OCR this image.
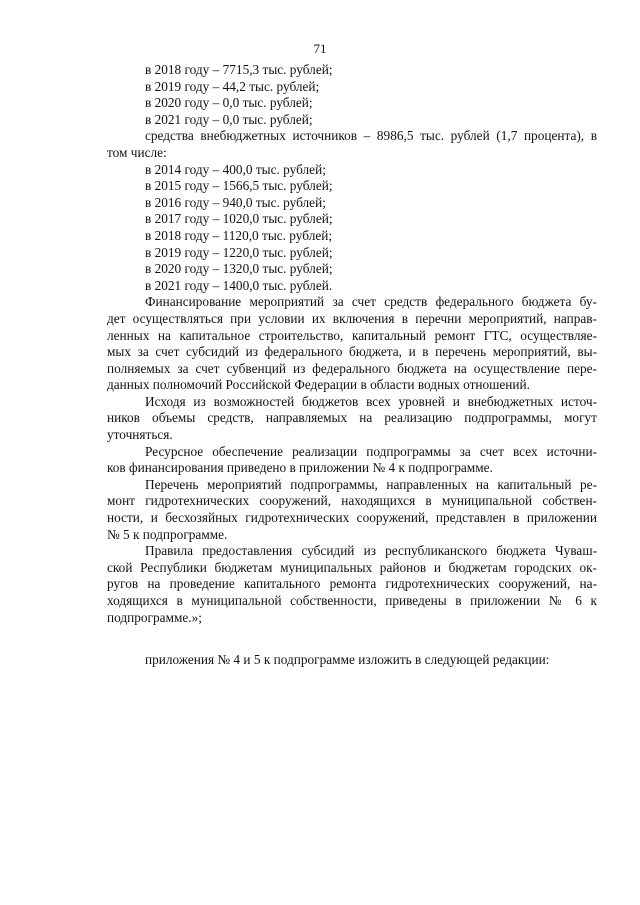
71
в 2018 году – 7715,3 тыс. рублей;
в 2019 году – 44,2 тыс. рублей;
в 2020 году – 0,0 тыс. рублей;
в 2021 году – 0,0 тыс. рублей;
средства внебюджетных источников – 8986,5 тыс. рублей (1,7 процента), в
том числе:
в 2014 году – 400,0 тыс. рублей;
в 2015 году – 1566,5 тыс. рублей;
в 2016 году – 940,0 тыс. рублей;
в 2017 году – 1020,0 тыс. рублей;
в 2018 году – 1120,0 тыс. рублей;
в 2019 году – 1220,0 тыс. рублей;
в 2020 году – 1320,0 тыс. рублей;
в 2021 году – 1400,0 тыс. рублей.
Финансирование мероприятий за счет средств федерального бюджета бу-
дет осуществляться при условии их включения в перечни мероприятий, направ-
ленных на капитальное строительство, капитальный ремонт ГТС, осуществляе-
мых за счет субсидий из федерального бюджета, и в перечень мероприятий, вы-
полняемых за счет субвенций из федерального бюджета на осуществление пере-
данных полномочий Российской Федерации в области водных отношений.
Исходя из возможностей бюджетов всех уровней и внебюджетных источ-
ников объемы средств, направляемых на реализацию подпрограммы, могут
уточняться.
Ресурсное обеспечение реализации подпрограммы за счет всех источни-
ков финансирования приведено в приложении № 4 к подпрограмме.
Перечень мероприятий подпрограммы, направленных на капитальный ре-
монт гидротехнических сооружений, находящихся в муниципальной собствен-
ности, и бесхозяйных гидротехнических сооружений, представлен в приложении
№ 5 к подпрограмме.
Правила предоставления субсидий из республиканского бюджета Чуваш-
ской Республики бюджетам муниципальных районов и бюджетам городских ок-
ругов на проведение капитального ремонта гидротехнических сооружений, на-
ходящихся в муниципальной собственности, приведены в приложении № 6 к
подпрограмме.»;
приложения № 4 и 5 к подпрограмме изложить в следующей редакции:
